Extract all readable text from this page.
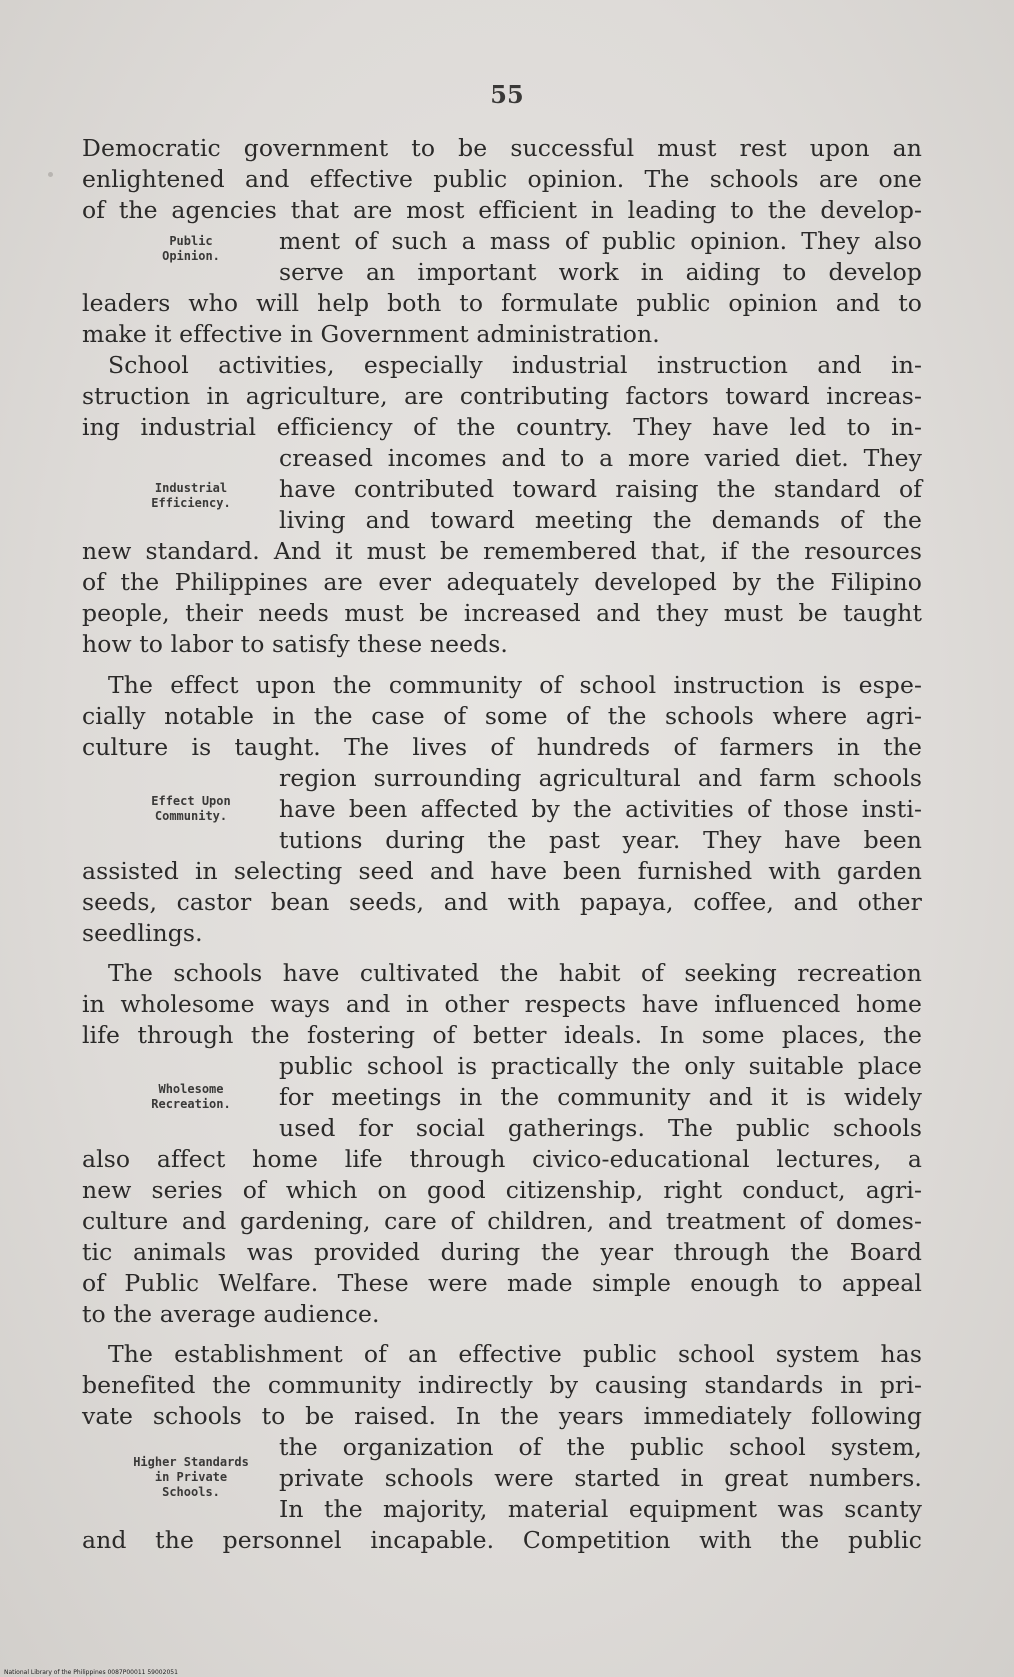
55
Democratic government to be successful must rest upon an
enlightened and effective public opinion. The schools are one
of the agencies that are most efficient in leading to the develop-
ment of such a mass of public opinion. They also
serve an important work in aiding to develop
leaders who will help both to formulate public opinion and to
make it effective in Government administration.
School activities, especially industrial instruction and in-
struction in agriculture, are contributing factors toward increas-
ing industrial efficiency of the country. They have led to in-
creased incomes and to a more varied diet. They
have contributed toward raising the standard of
living and toward meeting the demands of the
new standard. And it must be remembered that, if the resources
of the Philippines are ever adequately developed by the Filipino
people, their needs must be increased and they must be taught
how to labor to satisfy these needs.
The effect upon the community of school instruction is espe-
cially notable in the case of some of the schools where agri-
culture is taught. The lives of hundreds of farmers in the
region surrounding agricultural and farm schools
have been affected by the activities of those insti-
tutions during the past year. They have been
assisted in selecting seed and have been furnished with garden
seeds, castor bean seeds, and with papaya, coffee, and other
seedlings.
The schools have cultivated the habit of seeking recreation
in wholesome ways and in other respects have influenced home
life through the fostering of better ideals. In some places, the
public school is practically the only suitable place
for meetings in the community and it is widely
used for social gatherings. The public schools
also affect home life through civico-educational lectures, a
new series of which on good citizenship, right conduct, agri-
culture and gardening, care of children, and treatment of domes-
tic animals was provided during the year through the Board
of Public Welfare. These were made simple enough to appeal
to the average audience.
The establishment of an effective public school system has
benefited the community indirectly by causing standards in pri-
vate schools to be raised. In the years immediately following
the organization of the public school system,
private schools were started in great numbers.
In the majority, material equipment was scanty
and the personnel incapable. Competition with the public
Public
Opinion.
Industrial
Efficiency.
Effect Upon
Community.
Wholesome
Recreation.
Higher Standards
in Private
Schools.
National Library of the Philippines 0087P00011 59002051
